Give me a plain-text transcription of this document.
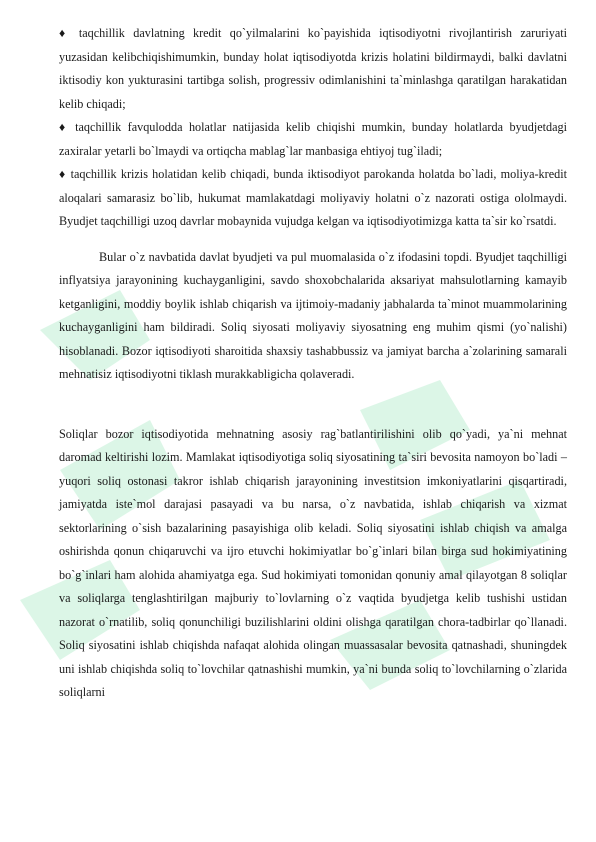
♦ taqchillik davlatning kredit qo`yilmalarini ko`payishida iqtisodiyotni rivojlantirish zaruriyati yuzasidan kelibchiqishimumkin, bunday holat iqtisodiyotda krizis holatini bildirmaydi, balki davlatni iktisodiy kon yukturasini tartibga solish, progressiv odimlanishini ta`minlashga qaratilgan harakatidan kelib chiqadi;

♦ taqchillik favqulodda holatlar natijasida kelib chiqishi mumkin, bunday holatlarda byudjetdagi zaxiralar yetarli bo`lmaydi va ortiqcha mablag`lar manbasiga ehtiyoj tug`iladi;

♦ taqchillik krizis holatidan kelib chiqadi, bunda iktisodiyot parokanda holatda bo`ladi, moliya-kredit aloqalari samarasiz bo`lib, hukumat mamlakatdagi moliyaviy holatni o`z nazorati ostiga ololmaydi. Byudjet taqchilligi uzoq davrlar mobaynida vujudga kelgan va iqtisodiyotimizga katta ta`sir ko`rsatdi.

Bular o`z navbatida davlat byudjeti va pul muomalasida o`z ifodasini topdi. Byudjet taqchilligi inflyatsiya jarayonining kuchayganligini, savdo shoxobchalarida aksariyat mahsulotlarning kamayib ketganligini, moddiy boylik ishlab chiqarish va ijtimoiy-madaniy jabhalarda ta`minot muammolarining kuchayganligini ham bildiradi. Soliq siyosati moliyaviy siyosatning eng muhim qismi (yo`nalishi) hisoblanadi. Bozor iqtisodiyoti sharoitida shaxsiy tashabbussiz va jamiyat barcha a`zolarining samarali mehnatisiz iqtisodiyotni tiklash murakkabligicha qolaveradi.

Soliqlar bozor iqtisodiyotida mehnatning asosiy rag`batlantirilishini olib qo`yadi, ya`ni mehnat daromad keltirishi lozim. Mamlakat iqtisodiyotiga soliq siyosatining ta`siri bevosita namoyon bo`ladi – yuqori soliq ostonasi takror ishlab chiqarish jarayonining investitsion imkoniyatlarini qisqartiradi, jamiyatda iste`mol darajasi pasayadi va bu narsa, o`z navbatida, ishlab chiqarish va xizmat sektorlarining o`sish bazalarining pasayishiga olib keladi. Soliq siyosatini ishlab chiqish va amalga oshirishda qonun chiqaruvchi va ijro etuvchi hokimiyatlar bo`g`inlari bilan birga sud hokimiyatining bo`g`inlari ham alohida ahamiyatga ega. Sud hokimiyati tomonidan qonuniy amal qilayotgan 8 soliqlar va soliqlarga tenglashtirilgan majburiy to`lovlarning o`z vaqtida byudjetga kelib tushishi ustidan nazorat o`rnatilib, soliq qonunchiligi buzilishlarini oldini olishga qaratilgan chora-tadbirlar qo`llanadi. Soliq siyosatini ishlab chiqishda nafaqat alohida olingan muassasalar bevosita qatnashadi, shuningdek uni ishlab chiqishda soliq to`lovchilar qatnashishi mumkin, ya`ni bunda soliq to`lovchilarning o`zlarida soliqlarni
